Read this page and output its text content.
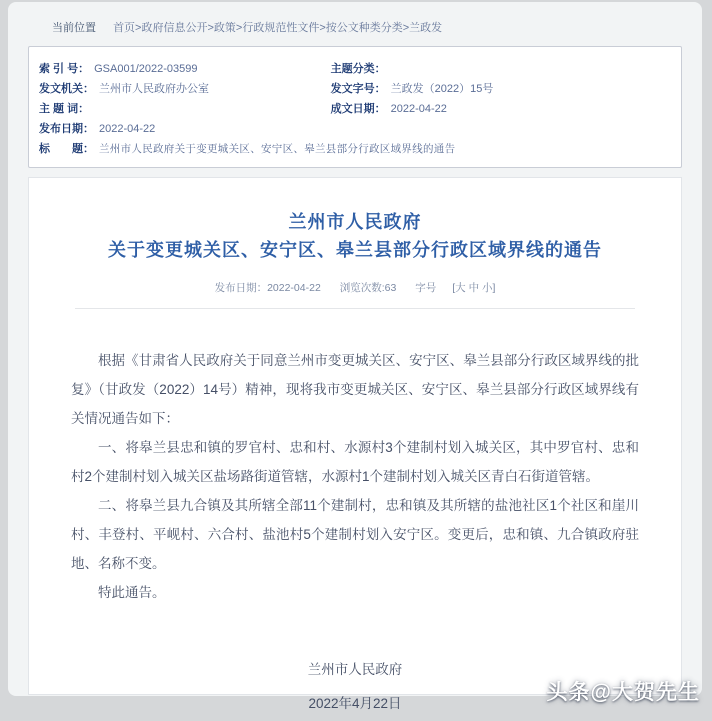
当前位置 首页>政府信息公开>政策>行政规范性文件>按公文种类分类>兰政发
索 引 号： GSA001/2022-03599
发文机关： 兰州市人民政府办公室
主 题 词：
发布日期： 2022-04-22
主题分类：
发文字号： 兰政发（2022）15号
成文日期： 2022-04-22
标　　题： 兰州市人民政府关于变更城关区、安宁区、皋兰县部分行政区域界线的通告
兰州市人民政府
关于变更城关区、安宁区、皋兰县部分行政区域界线的通告
发布日期：2022-04-22 浏览次数:63 字号 [大 中 小]

根据《甘肃省人民政府关于同意兰州市变更城关区、安宁区、皋兰县部分行政区域界线的批复》（甘政发（2022）14号）精神，现将我市变更城关区、安宁区、皋兰县部分行政区域界线有关情况通告如下：

一、将皋兰县忠和镇的罗官村、忠和村、水源村3个建制村划入城关区，其中罗官村、忠和村2个建制村划入城关区盐场路街道管辖，水源村1个建制村划入城关区青白石街道管辖。

二、将皋兰县九合镇及其所辖全部11个建制村，忠和镇及其所辖的盐池社区1个社区和崖川村、丰登村、平岘村、六合村、盐池村5个建制村划入安宁区。变更后，忠和镇、九合镇政府驻地、名称不变。

特此通告。

兰州市人民政府
2022年4月22日	头条@大贺先生
